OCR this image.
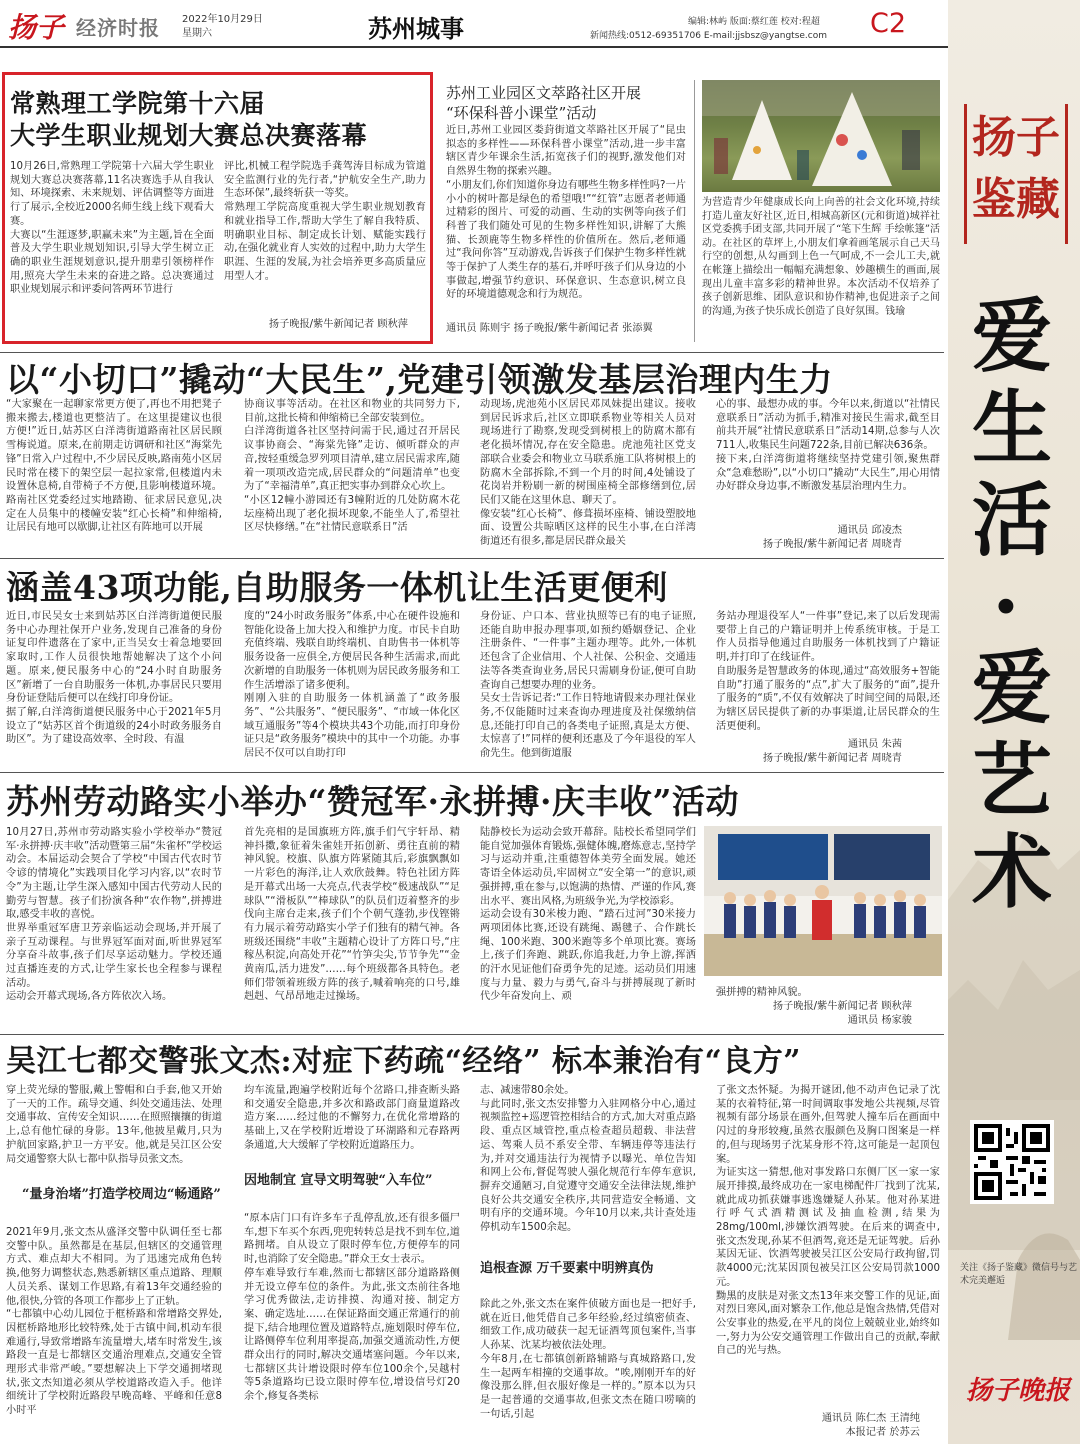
扬子 经济时报 2022年10月29日
星期六	苏州城事	编辑:林屿 版面:蔡红莲 校对:程超
新闻热线:0512-69351706 E-mail:jjsbsz@yangtse.com C2
扬子
鉴藏
爱
生
活
·
爱
艺
术
关注《扬子鉴藏》微信号与艺术完美邂逅
扬子晚报
常熟理工学院第十六届
大学生职业规划大赛总决赛落幕
10月26日,常熟理工学院第十六届大学生职业规划大赛总决赛落幕,11名决赛选手从自我认知、环境探索、未来规划、评估调整等方面进行了展示,全校近2000名师生线上线下观看大赛。
大赛以“生涯逐梦,职赢未来”为主题,旨在全面普及大学生职业规划知识,引导大学生树立正确的职业生涯规划意识,提升朋辈引领榜样作用,照亮大学生未来的奋进之路。总决赛通过职业规划展示和评委问答两环节进行
评比,机械工程学院选手龚驾涛目标成为管道安全监测行业的先行者,“护航安全生产,助力生态环保”,最终斩获一等奖。
常熟理工学院高度重视大学生职业规划教育和就业指导工作,帮助大学生了解自我特质、明确职业目标、制定成长计划、赋能实践行动,在强化就业育人实效的过程中,助力大学生职涯、生涯的发展,为社会培养更多高质量应用型人才。
扬子晚报/紫牛新闻记者 顾秋萍
苏州工业园区文萃路社区开展
“环保科普小课堂”活动
近日,苏州工业园区娄葑街道文萃路社区开展了“昆虫拟态的多样性——环保科普小课堂”活动,进一步丰富辖区青少年课余生活,拓宽孩子们的视野,激发他们对自然界生物的探索兴趣。
“小朋友们,你们知道你身边有哪些生物多样性吗?一片小小的树叶都是绿色的希望哦!”“红管”志愿者老师通过精彩的图片、可爱的动画、生动的实例等向孩子们科普了我们随处可见的生物多样性知识,讲解了大熊猫、长颈鹿等生物多样性的价值所在。然后,老师通过“我问你答”互动游戏,告诉孩子们保护生物多样性就等于保护了人类生存的基石,并呼吁孩子们从身边的小事做起,增强节约意识、环保意识、生态意识,树立良好的环境道德观念和行为规范。
通讯员 陈则宇 扬子晚报/紫牛新闻记者 张添翼
为营造青少年健康成长向上向善的社会文化环境,持续打造儿童友好社区,近日,相城高新区(元和街道)城祥社区党委携手团支部,共同开展了“笔下生辉 手绘帐篷”活动。在社区的草坪上,小朋友们拿着画笔展示自己天马行空的创想,从勾画到上色一气呵成,不一会儿工夫,就在帐篷上描绘出一幅幅充满想象、妙趣横生的画面,展现出儿童丰富多彩的精神世界。本次活动不仅培养了孩子创新思维、团队意识和协作精神,也促进亲子之间的沟通,为孩子快乐成长创造了良好氛围。钱瑜
以“小切口”撬动“大民生”,党建引领激发基层治理内生力
“大家聚在一起聊家常更方便了,再也不用把凳子搬来搬去,楼道也更整洁了。在这里提建议也很方便!”近日,姑苏区白洋湾街道路南社区居民顾雪梅说道。原来,在前期走访调研和社区“海棠先锋”日常入户过程中,不少居民反映,路南苑小区居民时常在楼下的架空层一起拉家常,但楼道内未设置休息椅,自带椅子不方便,且影响楼道环境。路南社区党委经过实地踏勘、征求居民意见,决定在人员集中的楼幢安装“红心长椅”和伸缩椅,让居民有地可以歇脚,让社区有阵地可以开展
协商议事等活动。在社区和物业的共同努力下,目前,这批长椅和伸缩椅已全部安装到位。
白洋湾街道各社区坚持问需于民,通过召开居民议事协商会、“海棠先锋”走访、倾听群众的声音,按轻重缓急罗列项目清单,建立居民需求库,随着一项项改造完成,居民群众的“问题清单”也变为了“幸福清单”,真正把实事办到群众心坎上。
“小区12幢小游园还有3幢附近的几处防腐木花坛座椅出现了老化损坏现象,不能坐人了,希望社区尽快修缮。”在“社情民意联系日”活
动现场,虎池苑小区居民邓凤妹提出建议。接收到居民诉求后,社区立即联系物业等相关人员对现场进行了勘察,发现受到树根上的防腐木都有老化损坏情况,存在安全隐患。虎池苑社区党支部联合业委会和物业立马联系施工队将树根上的防腐木全部拆除,不到一个月的时间,4处铺设了花岗岩并粉刷一新的树围座椅全部修缮到位,居民们又能在这里休息、聊天了。
像安装“红心长椅”、修葺损坏座椅、铺设塑胶地面、设置公共晾晒区这样的民生小事,在白洋湾街道还有很多,都是居民群众最关
心的事、最想办成的事。今年以来,街道以“社情民意联系日”活动为抓手,精准对接民生需求,截至目前共开展“社情民意联系日”活动14期,总参与人次711人,收集民生问题722条,目前已解决636条。
接下来,白洋湾街道将继续坚持党建引领,聚焦群众“急难愁盼”,以“小切口”撬动“大民生”,用心用情办好群众身边事,不断激发基层治理内生力。
通讯员 邱凌杰
扬子晚报/紫牛新闻记者 周晓青
涵盖43项功能,自助服务一体机让生活更便利
近日,市民吴女士来到姑苏区白洋湾街道便民服务中心办理社保开户业务,发现自己准备的身份证复印件遗落在了家中,正当吴女士着急地要回家取时,工作人员很快地帮她解决了这个小问题。原来,便民服务中心的“24小时自助服务区”新增了一台自助服务一体机,办事居民只要用身份证登陆后便可以在线打印身份证。
据了解,白洋湾街道便民服务中心于2021年5月设立了“姑苏区首个街道级的24小时政务服务自助区”。为了建设高效率、全时段、有温
度的“24小时政务服务”体系,中心在硬件设施和智能化设备上加大投入和维护力度。市民卡自助充值终端、残联自助终端机、自助售书一体机等服务设备一应俱全,方便居民各种生活需求,而此次新增的自助服务一体机则为居民政务服务和工作生活增添了诸多便利。
刚刚入驻的自助服务一体机涵盖了“政务服务”、“公共服务”、“便民服务”、“市域一体化区域互通服务”等4个模块共43个功能,而打印身份证只是“政务服务”模块中的其中一个功能。办事居民不仅可以自助打印
身份证、户口本、营业执照等已有的电子证照,还能自助申报办理事项,如预约婚姻登记、企业注册条件、“一件事”主题办理等。此外,一体机还包含了企业信用、个人社保、公积金、交通违法等各类查询业务,居民只需刷身份证,便可自助查询自己想要办理的业务。
吴女士告诉记者:“工作日特地请假来办理社保业务,不仅能随时过来查询办理进度及社保缴纳信息,还能打印自己的各类电子证照,真是太方便、太惊喜了!”同样的便利还惠及了今年退役的军人俞先生。他到街道服
务站办理退役军人“一件事”登记,来了以后发现需要带上自己的户籍证明并上传系统审核。于是工作人员指导他通过自助服务一体机找到了户籍证明,并打印了在线证件。
自助服务是智慧政务的体现,通过“高效服务+智能自助”打通了服务的“点”,扩大了服务的“面”,提升了服务的“质”,不仅有效解决了时间空间的局限,还为辖区居民提供了新的办事渠道,让居民群众的生活更便利。
通讯员 朱茜
扬子晚报/紫牛新闻记者 周晓青
苏州劳动路实小举办“赞冠军·永拼搏·庆丰收”活动
10月27日,苏州市劳动路实验小学校举办“赞冠军·永拼搏·庆丰收”活动暨第三届“朱雀杯”学校运动会。本届运动会契合了学校“中国古代农时节令谚的情境化”实践项目化学习内容,以“农时节令”为主题,让学生深入感知中国古代劳动人民的勤劳与智慧。孩子们扮演各种“农作物”,拼搏进取,感受丰收的喜悦。
世界举重冠军唐卫芳亲临运动会现场,并开展了亲子互动课程。与世界冠军面对面,听世界冠军分享奋斗故事,孩子们尽享运动魅力。学校还通过直播连麦的方式,让学生家长也全程参与课程活动。
运动会开幕式现场,各方阵依次入场。
首先亮相的是国旗班方阵,旗手们气宇轩昂、精神抖擞,象征着朱雀娃开拓创新、勇往直前的精神风貌。校旗、队旗方阵紧随其后,彩旗飘飘如一片彩色的海洋,让人欢欣鼓舞。特色社团方阵是开幕式出场一大亮点,代表学校“极速战队”“足球队”“滑板队”“棒球队”的队员们迈着整齐的步伐向主席台走来,孩子们个个朝气蓬勃,步伐铿锵有力展示着劳动路实小学子们独有的精气神。各班级还围绕“丰收”主题精心设计了方阵口号,“庄稼丛积淀,向高处开花”“竹笋尖尖,节节争先”“金黄南瓜,活力进发”……每个班级都各具特色。老师们带领着班级方阵的孩子,喊着响亮的口号,雄赳赳、气昂昂地走过操场。
陆静校长为运动会致开幕辞。陆校长希望同学们能自觉加强体育锻炼,强健体魄,磨炼意志,坚持学习与运动并重,注重德智体美劳全面发展。她还寄语全体运动员,牢固树立“安全第一”的意识,顽强拼搏,重在参与,以饱满的热情、严谨的作风,赛出水平、赛出风格,为班级争光,为学校添彩。
运动会设有30米梭力跑、“踏石过河”30米接力两项团体比赛,还设有跳绳、踢毽子、合作跳长绳、100米跑、300米跑等多个单项比赛。赛场上,孩子们奔跑、跳跃,你追我赶,力争上游,挥洒的汗水见证他们奋勇争先的足迹。运动员们用速度与力量、毅力与勇气,奋斗与拼搏展现了新时代少年奋发向上、顽	强拼搏的精神风貌。
扬子晚报/紫牛新闻记者 顾秋萍
通讯员 杨家骏
吴江七都交警张文杰:对症下药疏“经络” 标本兼治有“良方”
穿上荧光绿的警服,戴上警帽和白手套,他又开始了一天的工作。疏导交通、纠处交通违法、处理交通事故、宣传安全知识……在照照攘攘的街道上,总有他忙碌的身影。13年,他披星戴月,只为护航回家路,护卫一方平安。他,就是吴江区公安局交通警察大队七都中队指导员张文杰。
“量身治堵”打造学校周边“畅通路”
2021年9月,张文杰从盛泽交警中队调任至七都交警中队。虽然都是在基层,但辖区的交通管理方式、难点却大不相同。为了迅速完成角色转换,他努力调整状态,熟悉新辖区重点道路、理顺人员关系、谋划工作思路,有着13年交通经验的他,很快,分管的各项工作都步上了正轨。
“七都镇中心幼儿园位于框桥路和常增路交界处,因框桥路地形比较特殊,处于古镇中间,机动车很难通行,导致常增路车流量增大,堵车时常发生,该路段一直是七都辖区交通治理难点,交通安全管理形式非常严峻。”要想解决上下学交通拥堵现状,张文杰知道必须从学校道路改造入手。他详细统计了学校附近路段早晚高峰、平峰和任意8小时平
均车流量,跑遍学校附近每个岔路口,排查断头路和交通安全隐患,并多次和路政部门商量道路改造方案……经过他的不懈努力,在优化常增路的基础上,又在学校附近增设了环湖路和元春路两条通道,大大缓解了学校附近道路压力。
因地制宜 宣导文明驾驶“入车位”
“原本店门口有许多车子乱停乱放,还有很多僵尸车,想下车买个东西,兜兜转转总是找不到车位,道路拥堵。自从设立了限时停车位,方便停车的同时,也消除了安全隐患。”群众王女士表示。
停车难导致行车难,然而七都辖区部分道路路侧并无设立停车位的条件。为此,张文杰前往各地学习优秀做法,走访排摸、沟通对接、制定方案、确定选址……在保证路面交通正常通行的前提下,结合地理位置及道路特点,施划限时停车位,让路侧停车位利用率提高,加强交通流动性,方便群众出行的同时,解决交通堵塞问题。今年以来,七都辖区共计增设限时停车位100余个,吴越村等5条道路均已设立限时停车位,增设信号灯20余个,修复各类标
志、减速带80余处。
与此同时,张文杰安排警力入驻网格分中心,通过视频监控+巡逻管控相结合的方式,加大对重点路段、重点区域管控,重点检查超员超载、非法营运、驾乘人员不系安全带、车辆违停等违法行为,并对交通违法行为视情予以曝光、单位告知和网上公布,督促驾驶人强化规范行车停车意识,摒弃交通陋习,自觉遵守交通安全法律法规,维护良好公共交通安全秩序,共同营造安全畅通、文明有序的交通环境。今年10月以来,共计查处违停机动车1500余起。
追根查源 万千要素中明辨真伪
除此之外,张文杰在案件侦破方面也是一把好手,就在近日,他凭借自己多年经验,经过缜密侦查、细致工作,成功破获一起无证酒驾顶包案件,当事人孙某、沈某均被依法处理。
今年8月,在七都镇创新路辅路与真城路路口,发生一起两车相撞的交通事故。“唉,刚刚开车的好像没那么胖,但衣服好像是一样的。”原本以为只是一起普通的交通事故,但张文杰在随口唠嘀的一句话,引起
了张文杰怀疑。为揭开谜团,他不动声色记录了沈某的衣着特征,第一时间调取事发地公共视频,尽管视频有部分场景在画外,但驾驶人撞车后在画面中闪过的身形较瘦,虽然衣服颜色及胸口图案是一样的,但与现场男子沈某身形不符,这可能是一起顶包案。
为证实这一猜想,他对事发路口东侧厂区一家一家展开排摸,最终成功在一家电梯配件厂找到了沈某,就此成功抓获嫌事逃逸嫌疑人孙某。他对孙某进行呼气式酒精测试及抽血检测,结果为28mg/100ml,涉嫌饮酒驾驶。在后来的调查中,张文杰发现,孙某不但酒驾,竟还是无证驾驶。后孙某因无证、饮酒驾驶被吴江区公安局行政拘留,罚款4000元;沈某因顶包被吴江区公安局罚款1000元。
黝黑的皮肤是对张文杰13年来交警工作的见证,面对烈日寒风,面对繁杂工作,他总是饱含热情,凭借对公安事业的热爱,在平凡的岗位上兢兢业业,始终如一,努力为公安交通管理工作做出自己的贡献,奉献自己的光与热。
通讯员 陈仁杰 王清纯
本报记者 於苏云
